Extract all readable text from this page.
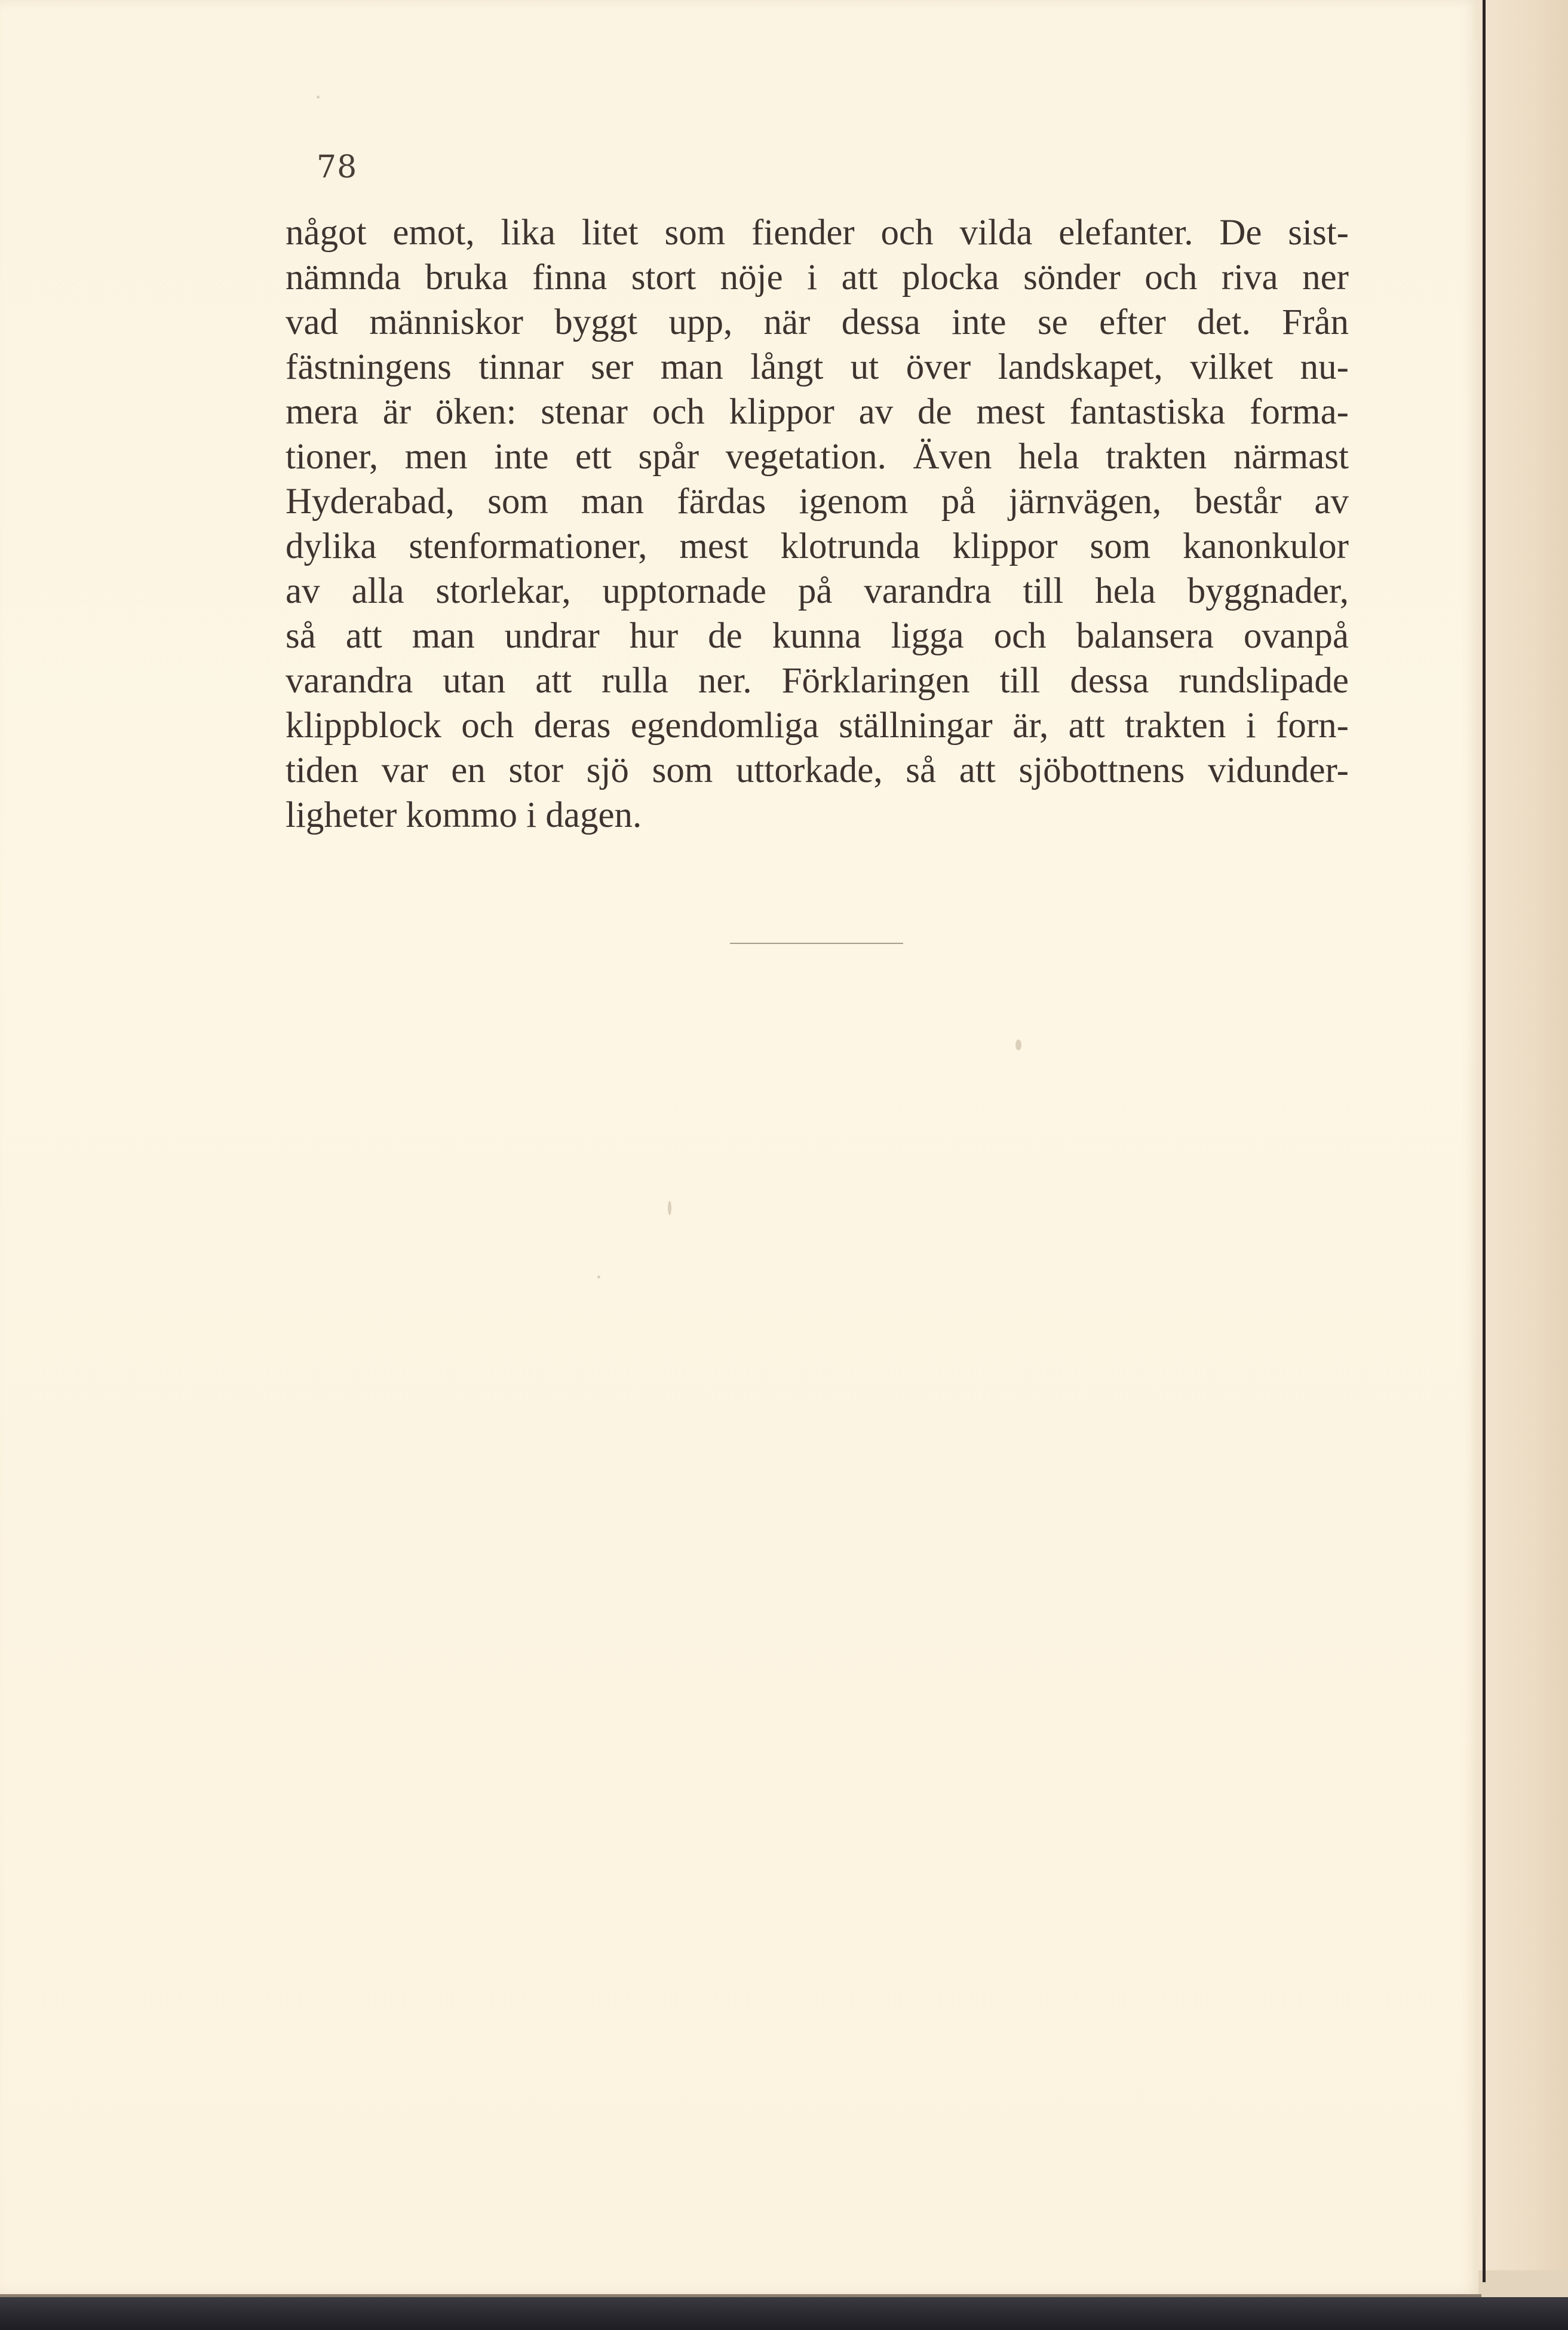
78
något emot, lika litet som fiender och vilda elefanter. De sist-
nämnda bruka finna stort nöje i att plocka sönder och riva ner
vad människor byggt upp, när dessa inte se efter det. Från
fästningens tinnar ser man långt ut över landskapet, vilket nu-
mera är öken: stenar och klippor av de mest fantastiska forma-
tioner, men inte ett spår vegetation. Även hela trakten närmast
Hyderabad, som man färdas igenom på järnvägen, består av
dylika stenformationer, mest klotrunda klippor som kanonkulor
av alla storlekar, upptornade på varandra till hela byggnader,
så att man undrar hur de kunna ligga och balansera ovanpå
varandra utan att rulla ner. Förklaringen till dessa rundslipade
klippblock och deras egendomliga ställningar är, att trakten i forn-
tiden var en stor sjö som uttorkade, så att sjöbottnens vidunder-
ligheter kommo i dagen.
